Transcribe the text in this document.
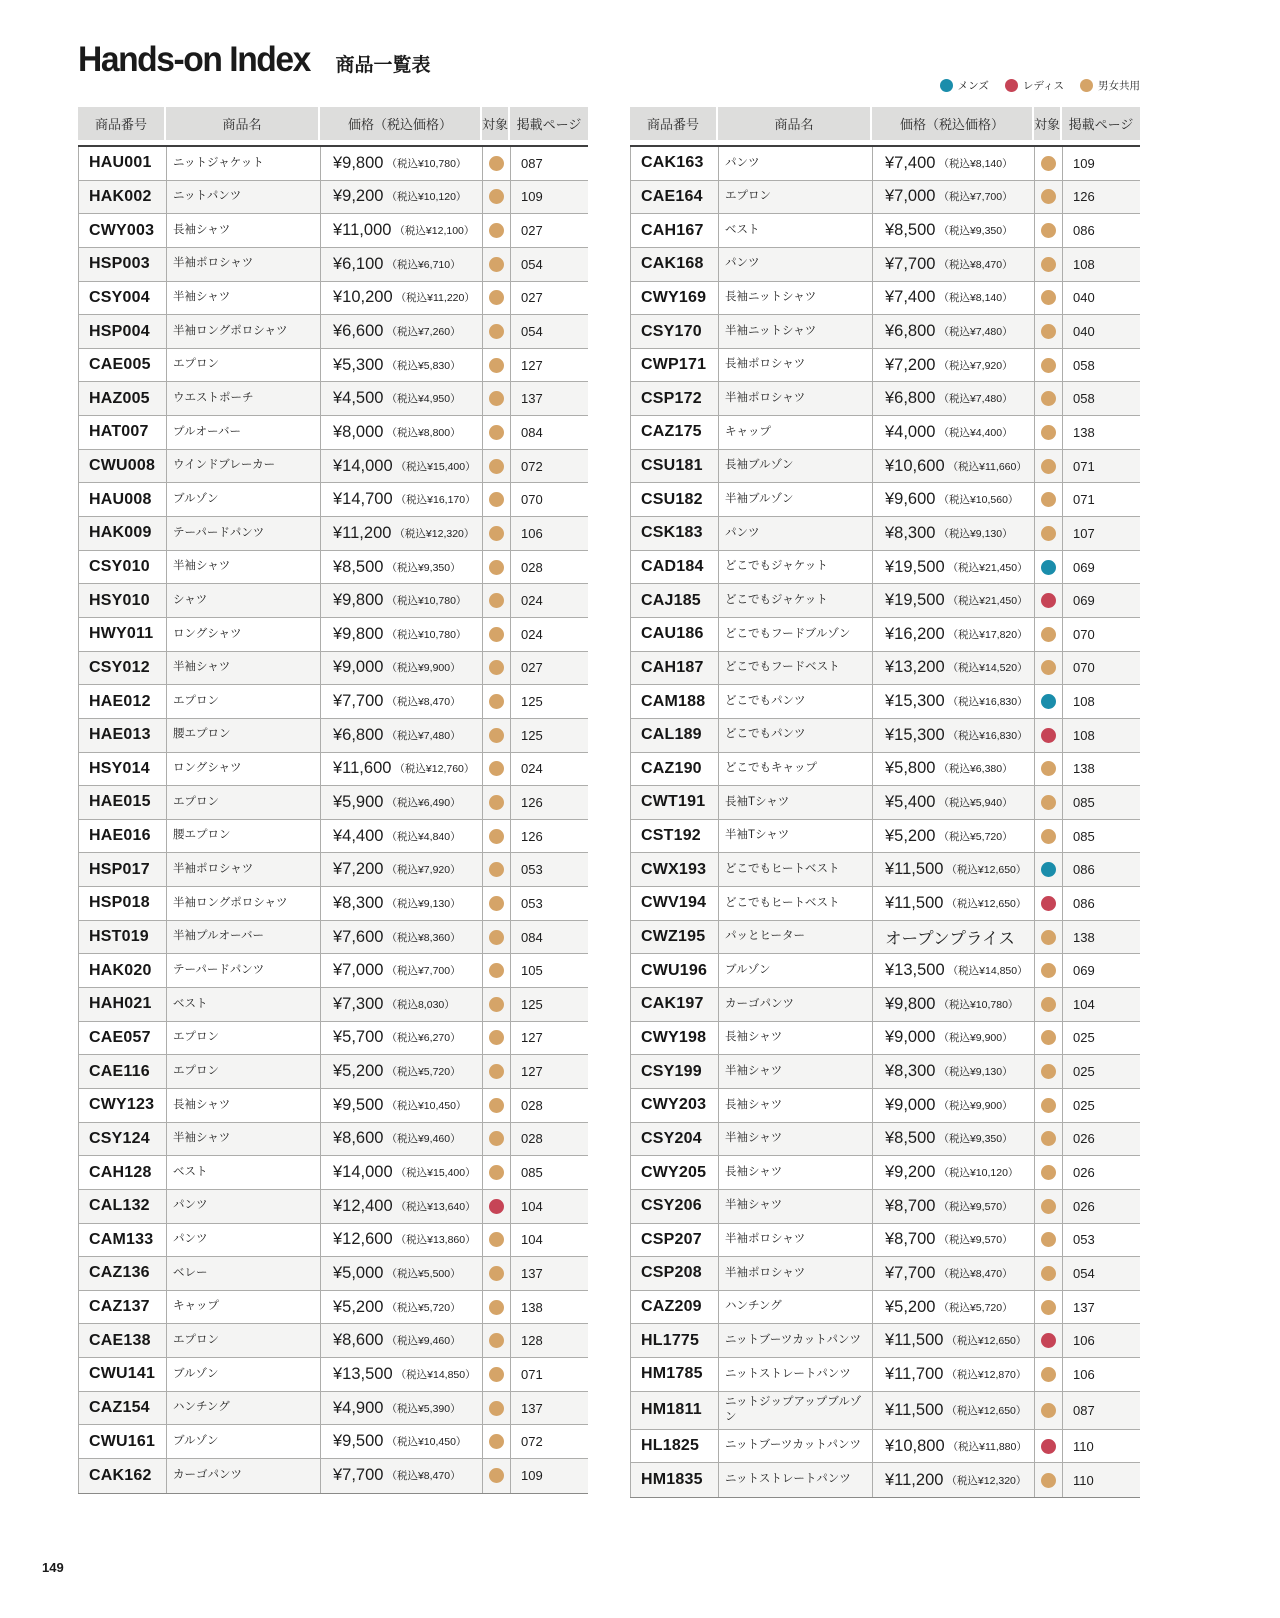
Hands-on Index 商品一覧表
メンズ	レディス	男女共用
商品番号	商品名	価格（税込価格）	対象 掲載ページ
HAU001 ニットジャケット	¥9,800 （税込¥10,780）	087
HAK002 ニットパンツ	¥9,200 （税込¥10,120）	109
CWY003 長袖シャツ	¥11,000 （税込¥12,100）	027
HSP003 半袖ポロシャツ	¥6,100 （税込¥6,710）	054
CSY004 半袖シャツ	¥10,200 （税込¥11,220）	027
HSP004 半袖ロングポロシャツ	¥6,600 （税込¥7,260）	054
CAE005 エプロン	¥5,300 （税込¥5,830）	127
HAZ005 ウエストポーチ	¥4,500 （税込¥4,950）	137
HAT007 プルオーバー	¥8,000 （税込¥8,800）	084
CWU008 ウインドブレーカー	¥14,000 （税込¥15,400）	072
HAU008 ブルゾン	¥14,700 （税込¥16,170）	070
HAK009 テーパードパンツ	¥11,200 （税込¥12,320）	106
CSY010 半袖シャツ	¥8,500 （税込¥9,350）	028
HSY010 シャツ	¥9,800 （税込¥10,780）	024
HWY011 ロングシャツ	¥9,800 （税込¥10,780）	024
CSY012 半袖シャツ	¥9,000 （税込¥9,900）	027
HAE012 エプロン	¥7,700 （税込¥8,470）	125
HAE013 腰エプロン	¥6,800 （税込¥7,480）	125
HSY014 ロングシャツ	¥11,600 （税込¥12,760）	024
HAE015 エプロン	¥5,900 （税込¥6,490）	126
HAE016 腰エプロン	¥4,400 （税込¥4,840）	126
HSP017 半袖ポロシャツ	¥7,200 （税込¥7,920）	053
HSP018 半袖ロングポロシャツ	¥8,300 （税込¥9,130）	053
HST019 半袖プルオーバー	¥7,600 （税込¥8,360）	084
HAK020 テーパードパンツ	¥7,000 （税込¥7,700）	105
HAH021 ベスト	¥7,300 （税込8,030）	125
CAE057 エプロン	¥5,700 （税込¥6,270）	127
CAE116 エプロン	¥5,200 （税込¥5,720）	127
CWY123 長袖シャツ	¥9,500 （税込¥10,450）	028
CSY124 半袖シャツ	¥8,600 （税込¥9,460）	028
CAH128 ベスト	¥14,000 （税込¥15,400）	085
CAL132 パンツ	¥12,400 （税込¥13,640）	104
CAM133 パンツ	¥12,600 （税込¥13,860）	104
CAZ136 ベレー	¥5,000 （税込¥5,500）	137
CAZ137 キャップ	¥5,200 （税込¥5,720）	138
CAE138 エプロン	¥8,600 （税込¥9,460）	128
CWU141 ブルゾン	¥13,500 （税込¥14,850）	071
CAZ154 ハンチング	¥4,900 （税込¥5,390）	137
CWU161 ブルゾン	¥9,500 （税込¥10,450）	072
CAK162 カーゴパンツ	¥7,700 （税込¥8,470）	109
商品番号	商品名	価格（税込価格）	対象 掲載ページ
CAK163 パンツ	¥7,400 （税込¥8,140）	109
CAE164 エプロン	¥7,000 （税込¥7,700）	126
CAH167 ベスト	¥8,500 （税込¥9,350）	086
CAK168 パンツ	¥7,700 （税込¥8,470）	108
CWY169 長袖ニットシャツ	¥7,400 （税込¥8,140）	040
CSY170 半袖ニットシャツ	¥6,800 （税込¥7,480）	040
CWP171 長袖ポロシャツ	¥7,200 （税込¥7,920）	058
CSP172 半袖ポロシャツ	¥6,800 （税込¥7,480）	058
CAZ175 キャップ	¥4,000 （税込¥4,400）	138
CSU181 長袖ブルゾン	¥10,600 （税込¥11,660）	071
CSU182 半袖ブルゾン	¥9,600 （税込¥10,560）	071
CSK183 パンツ	¥8,300 （税込¥9,130）	107
CAD184 どこでもジャケット	¥19,500 （税込¥21,450）	069
CAJ185 どこでもジャケット	¥19,500 （税込¥21,450）	069
CAU186 どこでもフードブルゾン ¥16,200 （税込¥17,820）	070
CAH187 どこでもフードベスト	¥13,200 （税込¥14,520）	070
CAM188 どこでもパンツ	¥15,300 （税込¥16,830）	108
CAL189 どこでもパンツ	¥15,300 （税込¥16,830）	108
CAZ190 どこでもキャップ	¥5,800 （税込¥6,380）	138
CWT191 長袖Tシャツ	¥5,400 （税込¥5,940）	085
CST192 半袖Tシャツ	¥5,200 （税込¥5,720）	085
CWX193 どこでもヒートベスト	¥11,500 （税込¥12,650）	086
CWV194 どこでもヒートベスト	¥11,500 （税込¥12,650）	086
CWZ195 パッとヒーター	オープンプライス	138
CWU196 ブルゾン	¥13,500 （税込¥14,850）	069
CAK197 カーゴパンツ	¥9,800 （税込¥10,780）	104
CWY198 長袖シャツ	¥9,000 （税込¥9,900）	025
CSY199 半袖シャツ	¥8,300 （税込¥9,130）	025
CWY203 長袖シャツ	¥9,000 （税込¥9,900）	025
CSY204 半袖シャツ	¥8,500 （税込¥9,350）	026
CWY205 長袖シャツ	¥9,200 （税込¥10,120）	026
CSY206 半袖シャツ	¥8,700 （税込¥9,570）	026
CSP207 半袖ポロシャツ	¥8,700 （税込¥9,570）	053
CSP208 半袖ポロシャツ	¥7,700 （税込¥8,470）	054
CAZ209 ハンチング	¥5,200 （税込¥5,720）	137
HL1775 ニットブーツカットパンツ ¥11,500 （税込¥12,650）	106
HM1785 ニットストレートパンツ ¥11,700 （税込¥12,870）	106
HM1811 ニットジップアップブルゾン	¥11,500 （税込¥12,650）	087
HL1825 ニットブーツカットパンツ ¥10,800 （税込¥11,880）	110
HM1835 ニットストレートパンツ ¥11,200 （税込¥12,320）	110
149
